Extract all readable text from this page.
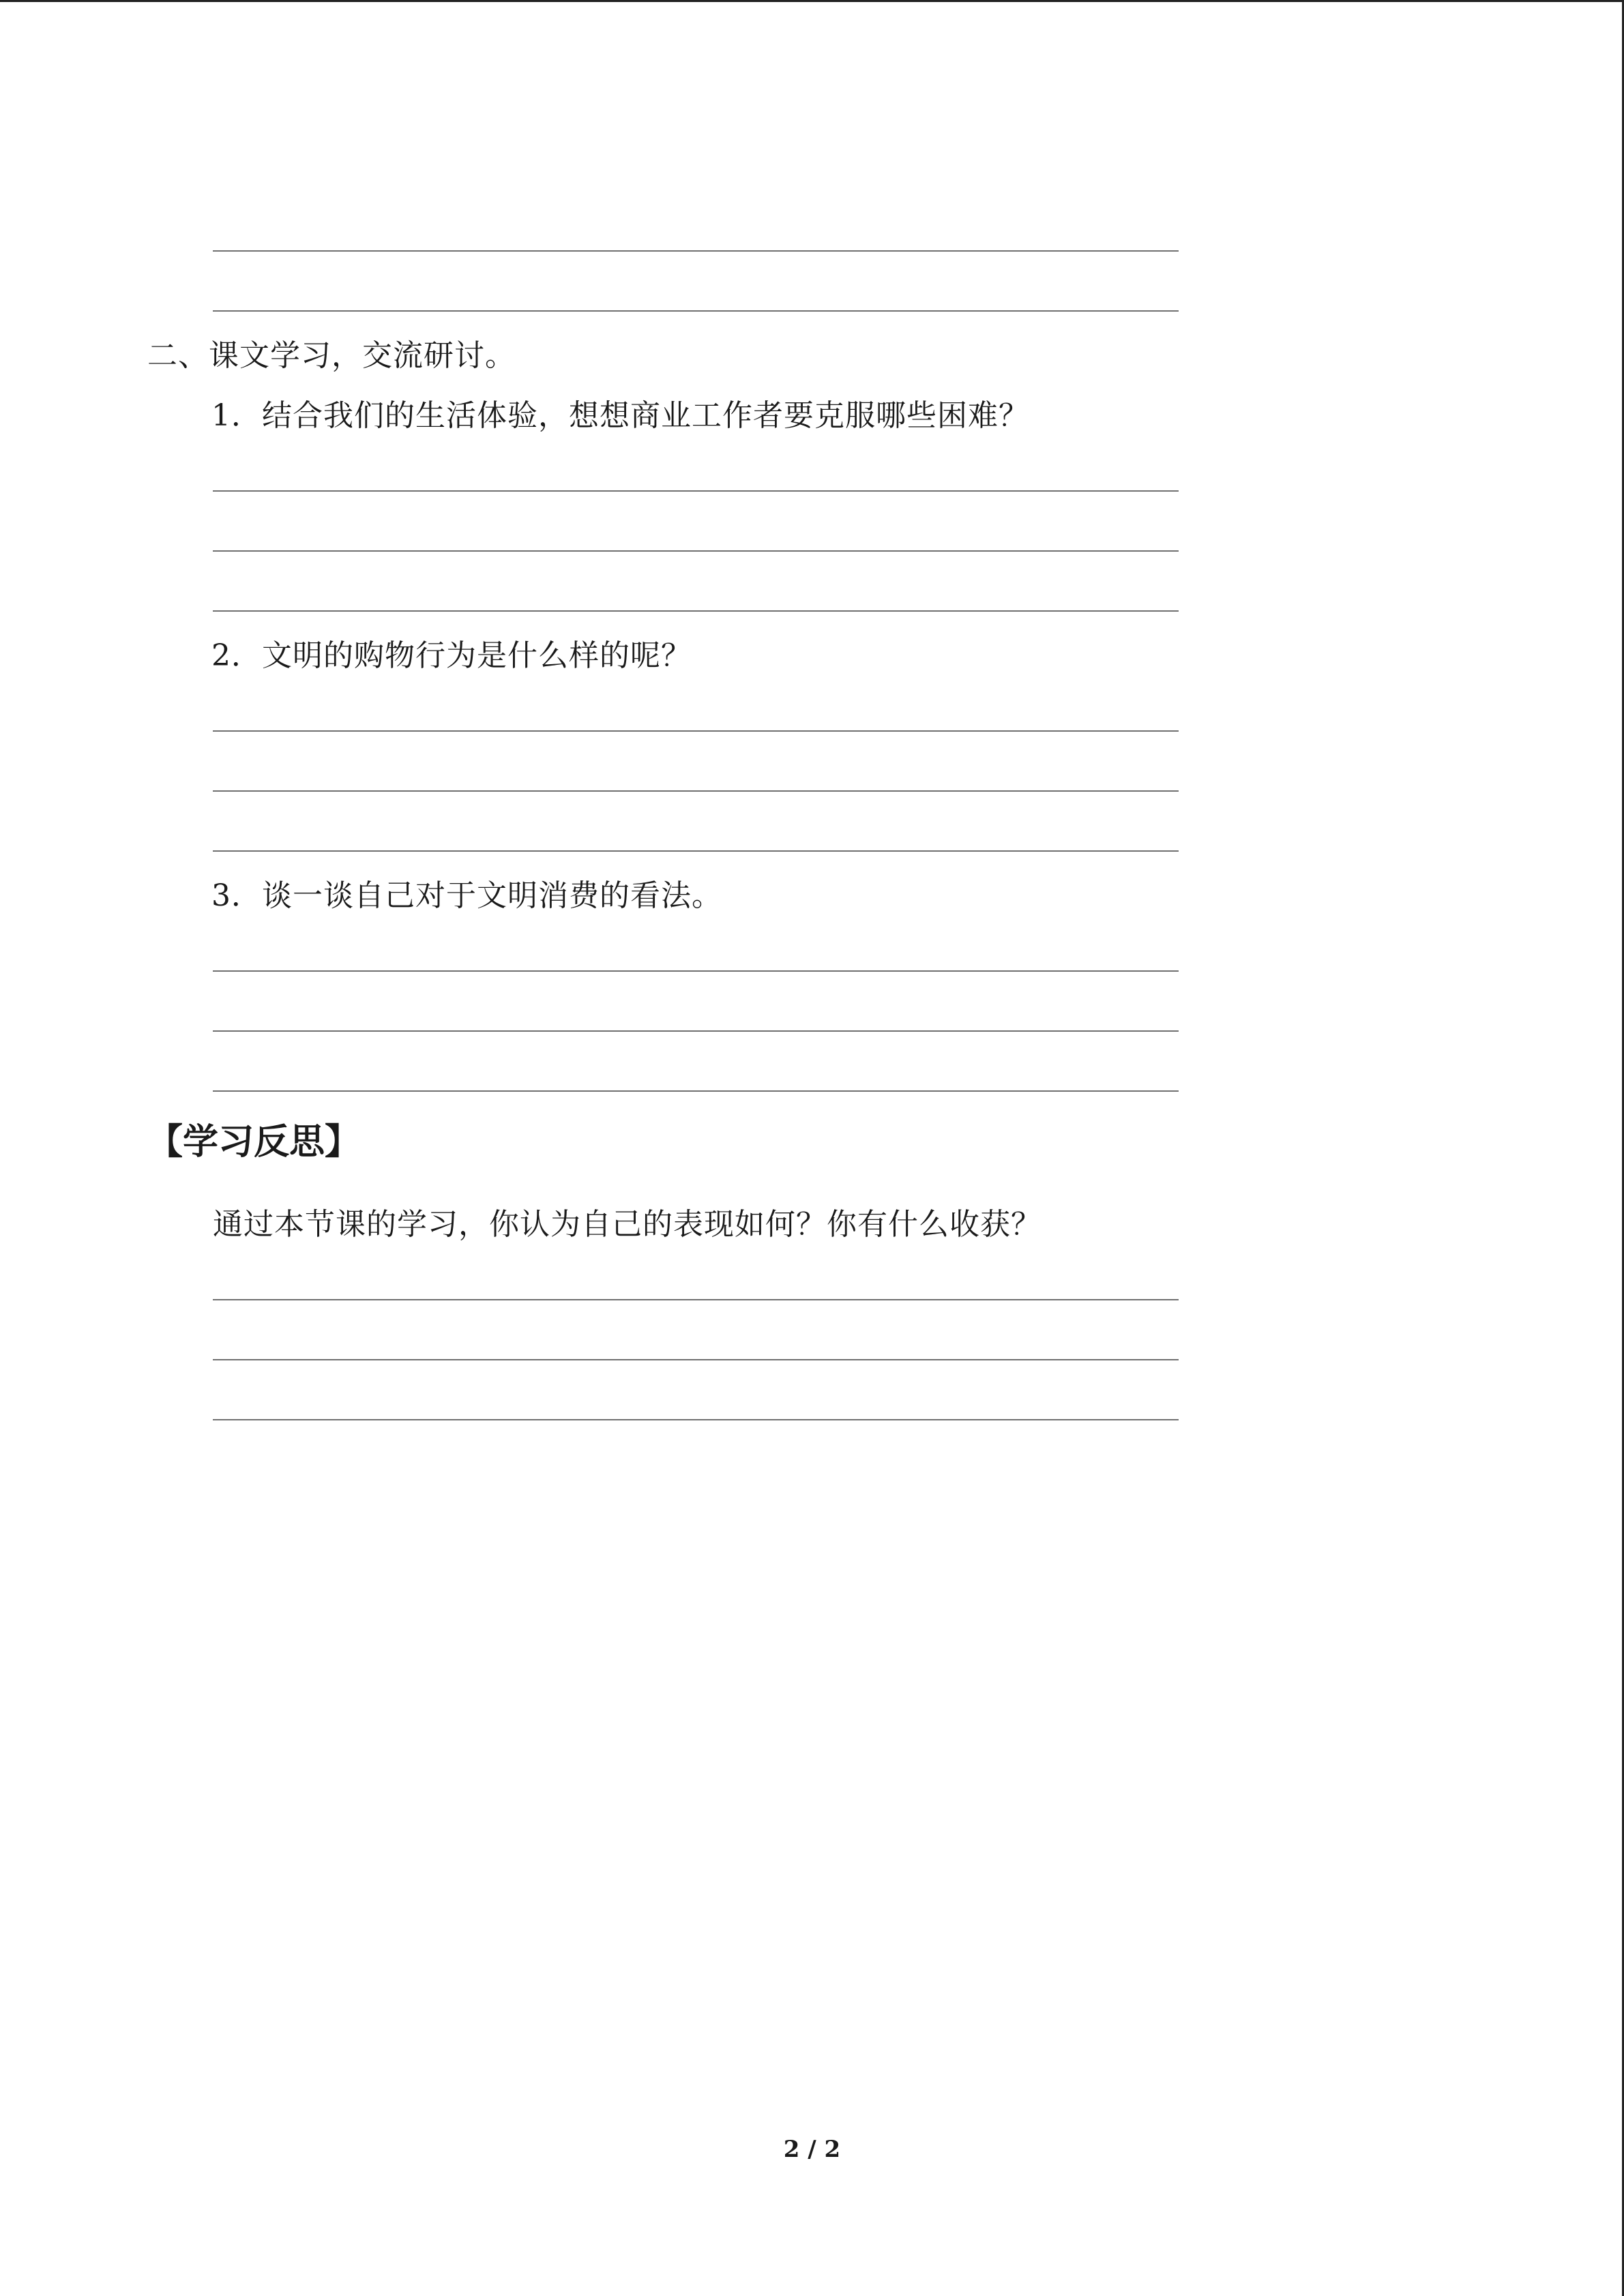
二、课文学习，交流研讨。
1．结合我们的生活体验，想想商业工作者要克服哪些困难？
2．文明的购物行为是什么样的呢？
3．谈一谈自己对于文明消费的看法。
【学习反思】
通过本节课的学习，你认为自己的表现如何？你有什么收获？
2 / 2
